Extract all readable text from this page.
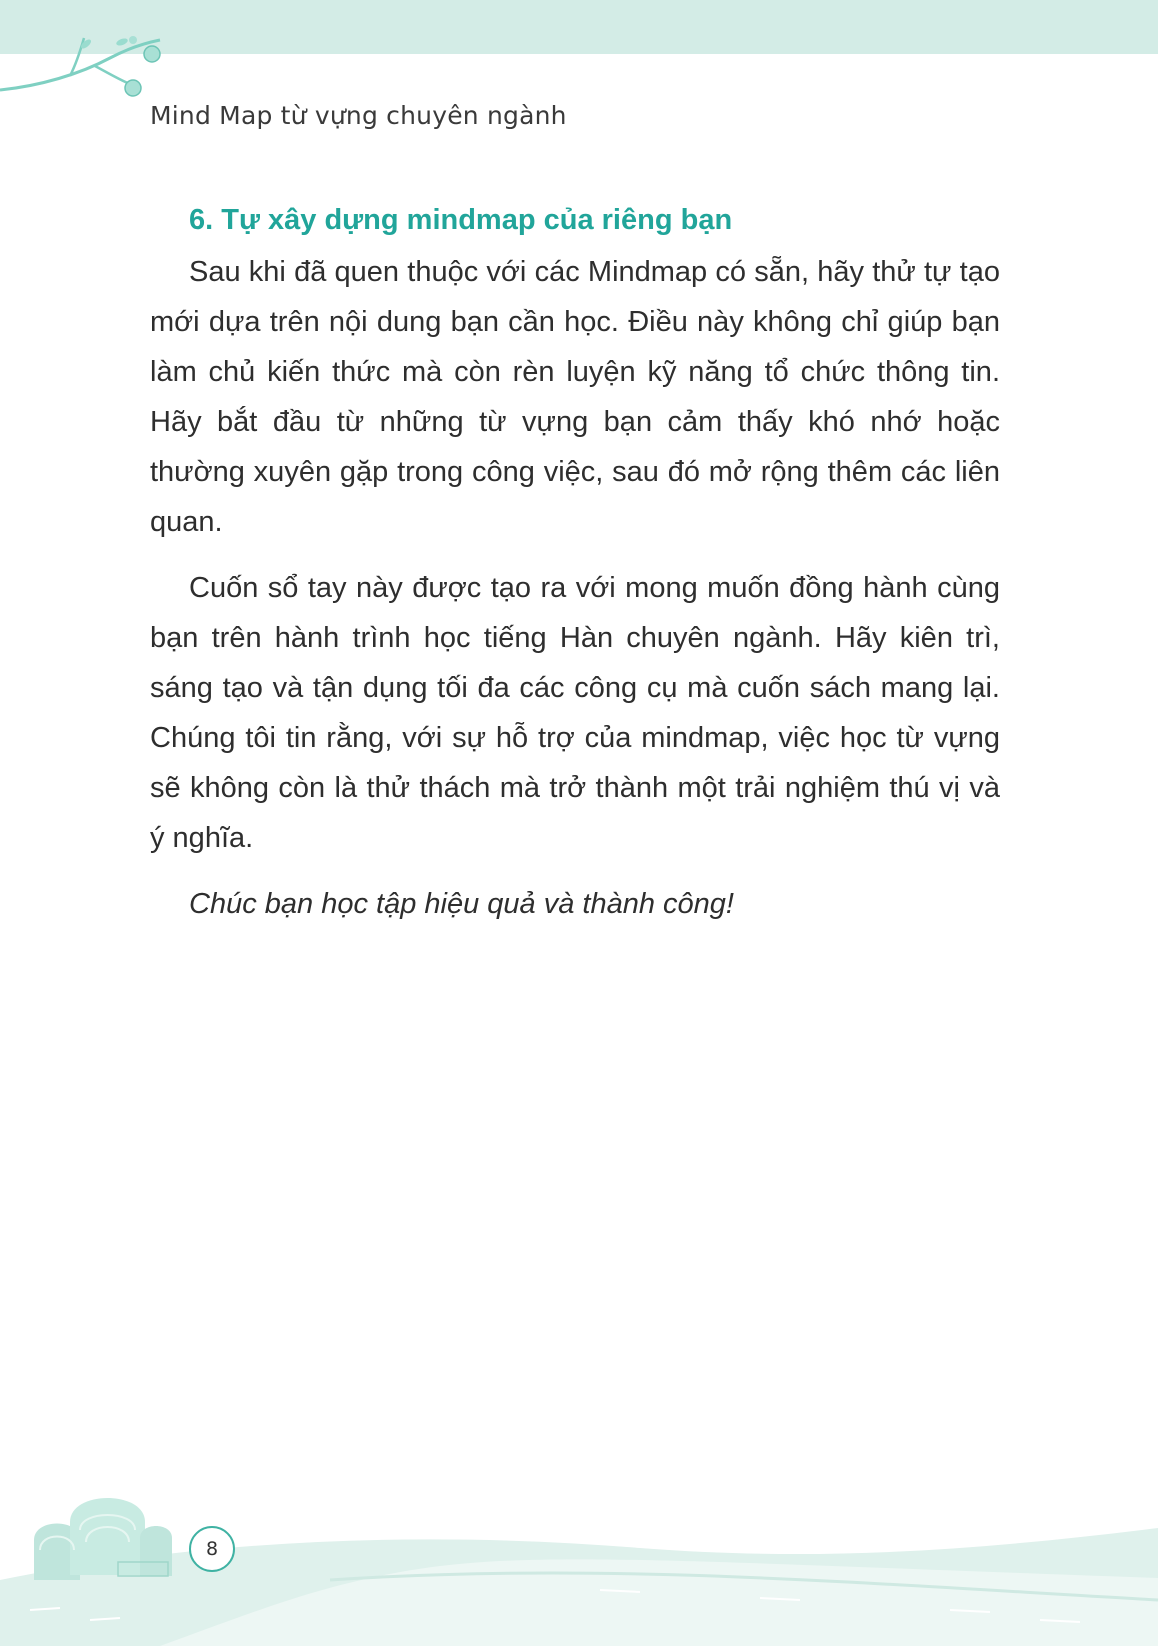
Mind Map từ vựng chuyên ngành
6. Tự xây dựng mindmap của riêng bạn

Sau khi đã quen thuộc với các Mindmap có sẵn, hãy thử tự tạo mới dựa trên nội dung bạn cần học. Điều này không chỉ giúp bạn làm chủ kiến thức mà còn rèn luyện kỹ năng tổ chức thông tin. Hãy bắt đầu từ những từ vựng bạn cảm thấy khó nhớ hoặc thường xuyên gặp trong công việc, sau đó mở rộng thêm các liên quan.

Cuốn sổ tay này được tạo ra với mong muốn đồng hành cùng bạn trên hành trình học tiếng Hàn chuyên ngành. Hãy kiên trì, sáng tạo và tận dụng tối đa các công cụ mà cuốn sách mang lại. Chúng tôi tin rằng, với sự hỗ trợ của mindmap, việc học từ vựng sẽ không còn là thử thách mà trở thành một trải nghiệm thú vị và ý nghĩa.

Chúc bạn học tập hiệu quả và thành công!

8
